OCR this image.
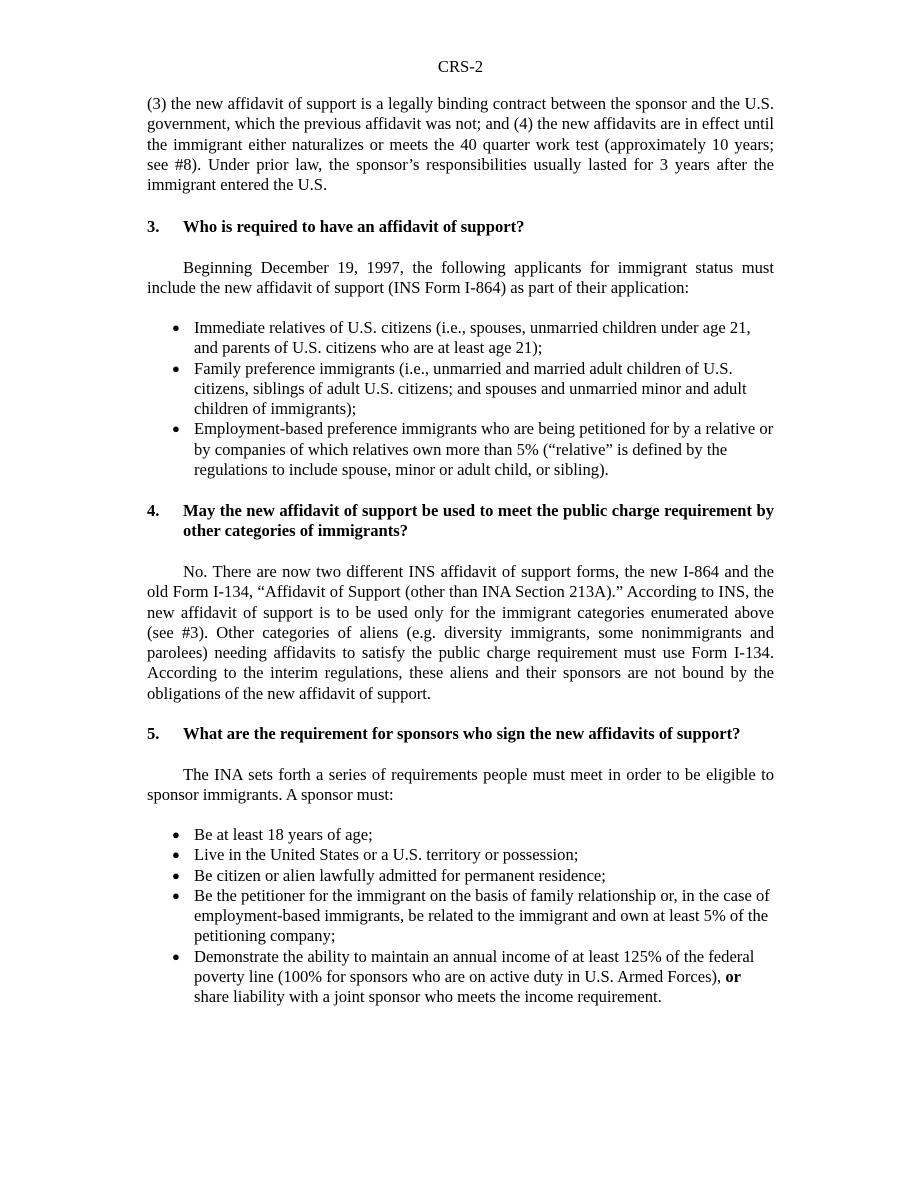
CRS-2

(3) the new affidavit of support is a legally binding contract between the sponsor and the U.S. government, which the previous affidavit was not; and (4) the new affidavits are in effect until the immigrant either naturalizes or meets the 40 quarter work test (approximately 10 years; see #8). Under prior law, the sponsor’s responsibilities usually lasted for 3 years after the immigrant entered the U.S.

3.	Who is required to have an affidavit of support?

Beginning December 19, 1997, the following applicants for immigrant status must include the new affidavit of support (INS Form I-864) as part of their application:

● Immediate relatives of U.S. citizens (i.e., spouses, unmarried children under age 21, and parents of U.S. citizens who are at least age 21);
● Family preference immigrants (i.e., unmarried and married adult children of U.S. citizens, siblings of adult U.S. citizens; and spouses and unmarried minor and adult children of immigrants);
● Employment-based preference immigrants who are being petitioned for by a relative or by companies of which relatives own more than 5% (“relative” is defined by the regulations to include spouse, minor or adult child, or sibling).
4.	May the new affidavit of support be used to meet the public charge requirement by other categories of immigrants?

No. There are now two different INS affidavit of support forms, the new I-864 and the old Form I-134, “Affidavit of Support (other than INA Section 213A).” According to INS, the new affidavit of support is to be used only for the immigrant categories enumerated above (see #3). Other categories of aliens (e.g. diversity immigrants, some nonimmigrants and parolees) needing affidavits to satisfy the public charge requirement must use Form I-134. According to the interim regulations, these aliens and their sponsors are not bound by the obligations of the new affidavit of support.

5.	What are the requirement for sponsors who sign the new affidavits of support?

The INA sets forth a series of requirements people must meet in order to be eligible to sponsor immigrants. A sponsor must:

● Be at least 18 years of age;
● Live in the United States or a U.S. territory or possession;
● Be citizen or alien lawfully admitted for permanent residence;
● Be the petitioner for the immigrant on the basis of family relationship or, in the case of employment-based immigrants, be related to the immigrant and own at least 5% of the petitioning company;
● Demonstrate the ability to maintain an annual income of at least 125% of the federal poverty line (100% for sponsors who are on active duty in U.S. Armed Forces), or share liability with a joint sponsor who meets the income requirement.
